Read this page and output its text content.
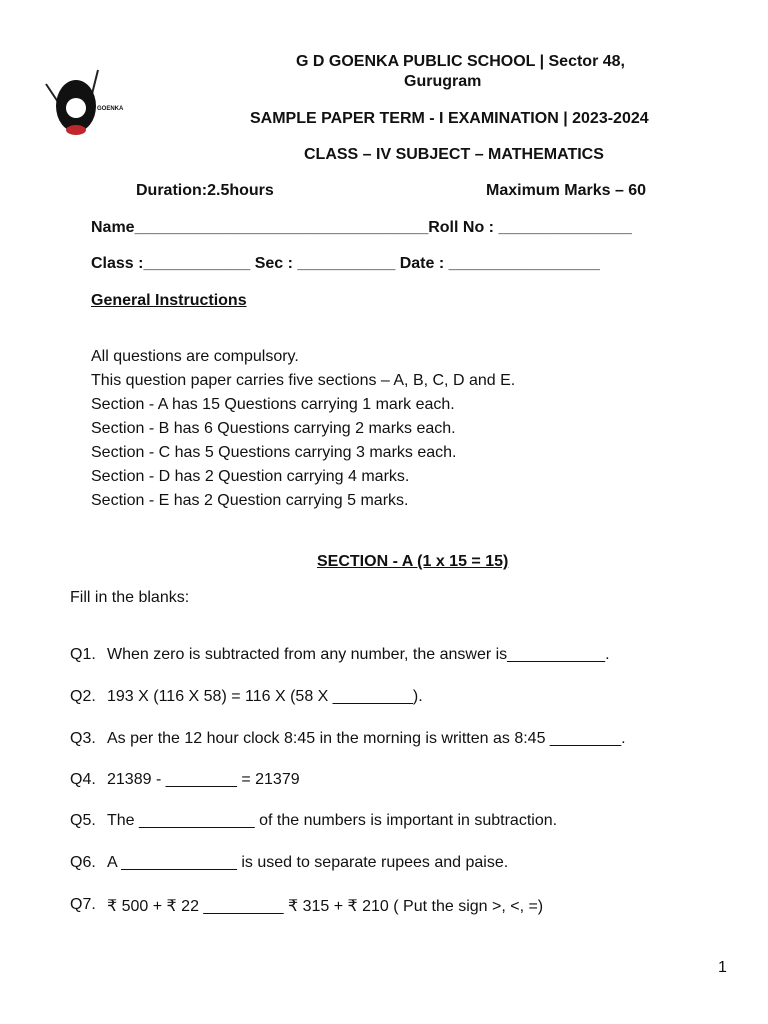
GOENKA
G D GOENKA PUBLIC SCHOOL | Sector 48,
Gurugram
SAMPLE PAPER TERM - I EXAMINATION | 2023-2024
CLASS – IV SUBJECT – MATHEMATICS
Duration:2.5hours	Maximum Marks – 60
Name_________________________________Roll No : _______________
Class :____________ Sec : ___________ Date : _________________
General Instructions
All questions are compulsory.
This question paper carries five sections – A, B, C, D and E.
Section - A has 15 Questions carrying 1 mark each.
Section - B has 6 Questions carrying 2 marks each.
Section - C has 5 Questions carrying 3 marks each.
Section - D has 2 Question carrying 4 marks.
Section - E has 2 Question carrying 5 marks.
SECTION - A (1 x 15 = 15)
Fill in the blanks:
Q1. When zero is subtracted from any number, the answer is___________.
Q2. 193 X (116 X 58) = 116 X (58 X _________).
Q3. As per the 12 hour clock 8:45 in the morning is written as 8:45 ________.
Q4. 21389 - ________ = 21379
Q5. The _____________ of the numbers is important in subtraction.
Q6. A _____________ is used to separate rupees and paise.
Q7. ₹ 500 + ₹ 22 _________ ₹ 315 + ₹ 210 ( Put the sign >, <, =)
1
